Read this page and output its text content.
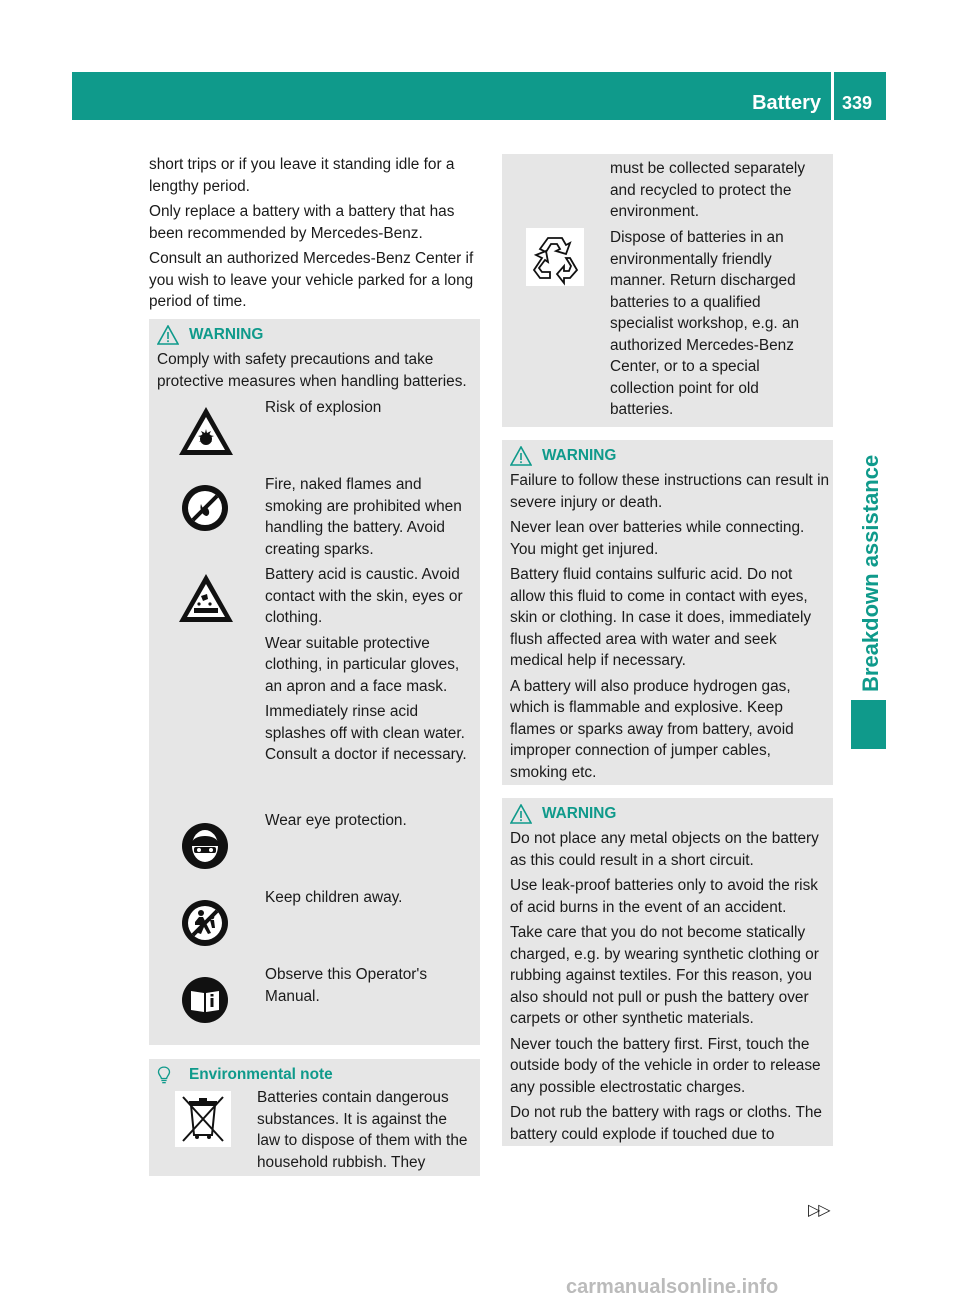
Battery 339
Breakdown assistance

short trips or if you leave it standing idle for a lengthy period.

Only replace a battery with a battery that has been recommended by Mercedes-Benz.

Consult an authorized Mercedes-Benz Center if you wish to leave your vehicle parked for a long period of time.

WARNING
Comply with safety precautions and take protective measures when handling batteries.

Risk of explosion

Fire, naked flames and smoking are prohibited when handling the battery. Avoid creating sparks.

Battery acid is caustic. Avoid contact with the skin, eyes or clothing.

Wear suitable protective clothing, in particular gloves, an apron and a face mask.

Immediately rinse acid splashes off with clean water. Consult a doctor if necessary.

Wear eye protection.

Keep children away.

Observe this Operator's Manual.

Environmental note
Batteries contain dangerous substances. It is against the law to dispose of them with the household rubbish. They
must be collected separately and recycled to protect the environment.
Dispose of batteries in an environmentally friendly manner. Return discharged batteries to a qualified specialist workshop, e.g. an authorized Mercedes-Benz Center, or to a special collection point for old batteries.
WARNING

Failure to follow these instructions can result in severe injury or death.

Never lean over batteries while connecting. You might get injured.

Battery fluid contains sulfuric acid. Do not allow this fluid to come in contact with eyes, skin or clothing. In case it does, immediately flush affected area with water and seek medical help if necessary.

A battery will also produce hydrogen gas, which is flammable and explosive. Keep flames or sparks away from battery, avoid improper connection of jumper cables, smoking etc.

WARNING

Do not place any metal objects on the battery as this could result in a short circuit.

Use leak-proof batteries only to avoid the risk of acid burns in the event of an accident.

Take care that you do not become statically charged, e.g. by wearing synthetic clothing or rubbing against textiles. For this reason, you also should not pull or push the battery over carpets or other synthetic materials.

Never touch the battery first. First, touch the outside body of the vehicle in order to release any possible electrostatic charges.

Do not rub the battery with rags or cloths. The battery could explode if touched due to

▷▷
carmanualsonline.info
